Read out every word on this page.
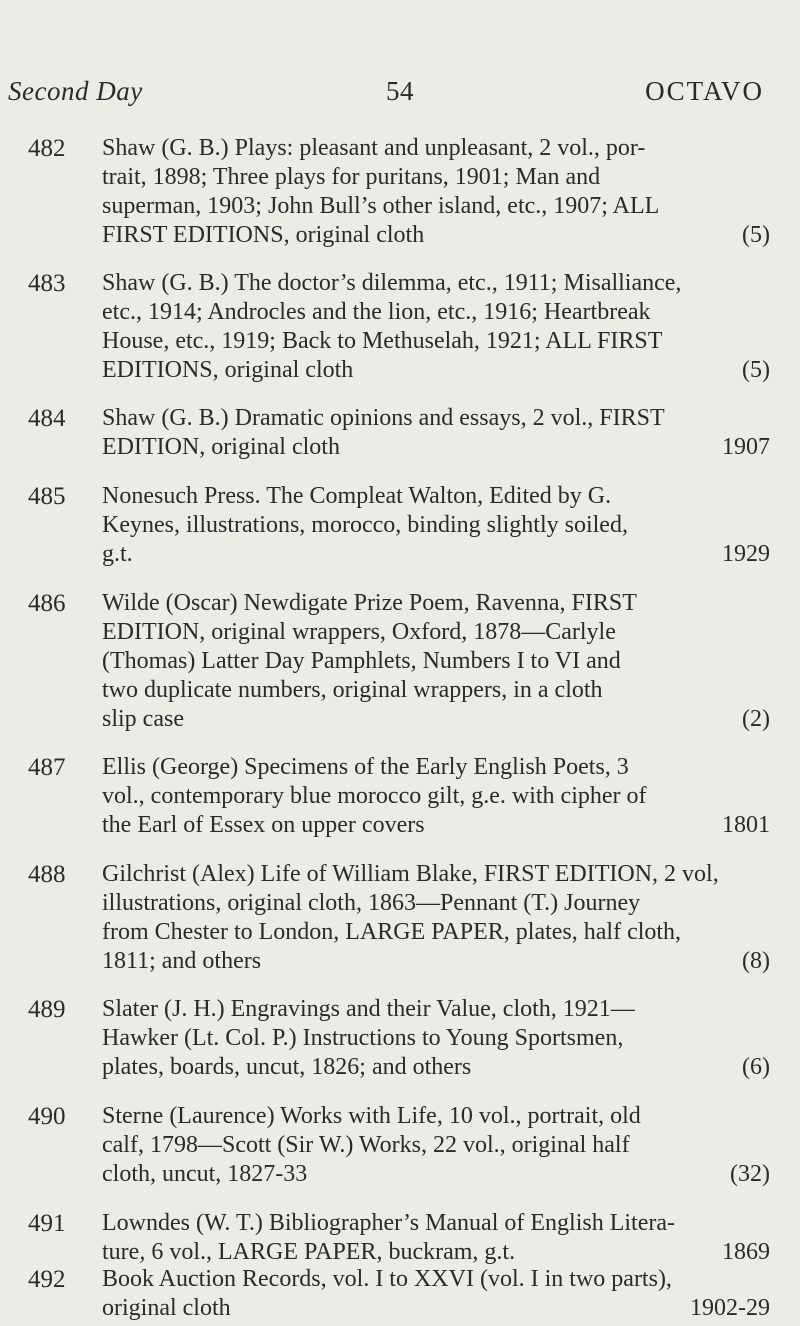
Second Day	54	OCTAVO
482 Shaw (G. B.) Plays: pleasant and unpleasant, 2 vol., por-
trait, 1898; Three plays for puritans, 1901; Man and
superman, 1903; John Bull’s other island, etc., 1907; ALL
FIRST EDITIONS, original cloth	(5)
483 Shaw (G. B.) The doctor’s dilemma, etc., 1911; Misalliance,
etc., 1914; Androcles and the lion, etc., 1916; Heartbreak
House, etc., 1919; Back to Methuselah, 1921; ALL FIRST
EDITIONS, original cloth	(5)
484 Shaw (G. B.) Dramatic opinions and essays, 2 vol., FIRST
EDITION, original cloth	1907
485 Nonesuch Press. The Compleat Walton, Edited by G.
Keynes, illustrations, morocco, binding slightly soiled,
g.t.	1929
486 Wilde (Oscar) Newdigate Prize Poem, Ravenna, FIRST
EDITION, original wrappers, Oxford, 1878—Carlyle
(Thomas) Latter Day Pamphlets, Numbers I to VI and
two duplicate numbers, original wrappers, in a cloth
slip case	(2)
487 Ellis (George) Specimens of the Early English Poets, 3
vol., contemporary blue morocco gilt, g.e. with cipher of
the Earl of Essex on upper covers	1801
488 Gilchrist (Alex) Life of William Blake, FIRST EDITION, 2 vol,
illustrations, original cloth, 1863—Pennant (T.) Journey
from Chester to London, LARGE PAPER, plates, half cloth,
1811; and others	(8)
489 Slater (J. H.) Engravings and their Value, cloth, 1921—
Hawker (Lt. Col. P.) Instructions to Young Sportsmen,
plates, boards, uncut, 1826; and others	(6)
490 Sterne (Laurence) Works with Life, 10 vol., portrait, old
calf, 1798—Scott (Sir W.) Works, 22 vol., original half
cloth, uncut, 1827-33	(32)
491 Lowndes (W. T.) Bibliographer’s Manual of English Litera-
ture, 6 vol., LARGE PAPER, buckram, g.t.	1869
492 Book Auction Records, vol. I to XXVI (vol. I in two parts),
original cloth	1902-29
